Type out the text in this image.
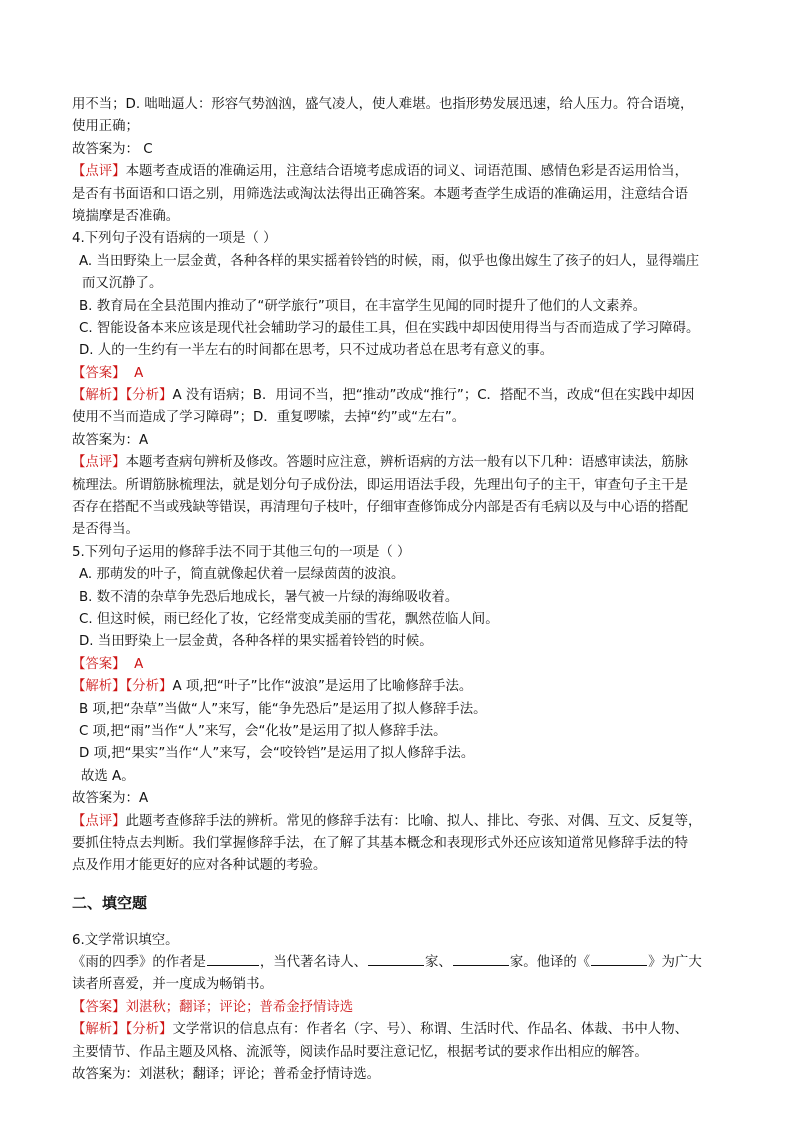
用不当；D. 咄咄逼人：形容气势汹汹，盛气凌人，使人难堪。也指形势发展迅速，给人压力。符合语境，

使用正确；

故答案为： C

【点评】本题考查成语的准确运用，注意结合语境考虑成语的词义、词语范围、感情色彩是否运用恰当，

是否有书面语和口语之别，用筛选法或淘汰法得出正确答案。本题考查学生成语的准确运用，注意结合语

境揣摩是否准确。

4.下列句子没有语病的一项是（ ）

A. 当田野染上一层金黄，各种各样的果实摇着铃铛的时候，雨，似乎也像出嫁生了孩子的妇人，显得端庄

而又沉静了。

B. 教育局在全县范围内推动了“研学旅行”项目，在丰富学生见闻的同时提升了他们的人文素养。

C. 智能设备本来应该是现代社会辅助学习的最佳工具，但在实践中却因使用得当与否而造成了学习障碍。

D. 人的一生约有一半左右的时间都在思考，只不过成功者总在思考有意义的事。

【答案】 A

【解析】【分析】A 没有语病；B．用词不当，把“推动”改成“推行”；C．搭配不当，改成“但在实践中却因

使用不当而造成了学习障碍”；D．重复啰嗦，去掉“约”或“左右”。

故答案为：A

【点评】本题考查病句辨析及修改。答题时应注意，辨析语病的方法一般有以下几种：语感审读法，筋脉

梳理法。所谓筋脉梳理法，就是划分句子成份法，即运用语法手段，先理出句子的主干，审查句子主干是

否存在搭配不当或残缺等错误，再清理句子枝叶，仔细审查修饰成分内部是否有毛病以及与中心语的搭配

是否得当。

5.下列句子运用的修辞手法不同于其他三句的一项是（ ）

A. 那萌发的叶子，简直就像起伏着一层绿茵茵的波浪。

B. 数不清的杂草争先恐后地成长，暑气被一片绿的海绵吸收着。

C. 但这时候，雨已经化了妆，它经常变成美丽的雪花，飘然莅临人间。

D. 当田野染上一层金黄，各种各样的果实摇着铃铛的时候。

【答案】 A

【解析】【分析】A 项,把“叶子”比作“波浪”是运用了比喻修辞手法。

B 项,把“杂草”当做“人”来写，能“争先恐后”是运用了拟人修辞手法。

C 项,把“雨”当作“人”来写，会“化妆”是运用了拟人修辞手法。

D 项,把“果实”当作“人”来写，会“咬铃铛”是运用了拟人修辞手法。

故选 A。

故答案为：A

【点评】此题考查修辞手法的辨析。常见的修辞手法有：比喻、拟人、排比、夸张、对偶、互文、反复等，

要抓住特点去判断。我们掌握修辞手法，在了解了其基本概念和表现形式外还应该知道常见修辞手法的特

点及作用才能更好的应对各种试题的考验。

二、填空题

6.文学常识填空。

《雨的四季》的作者是	，当代著名诗人、	家、	家。他译的《	》为广大

读者所喜爱，并一度成为畅销书。

【答案】刘湛秋；翻译；评论；普希金抒情诗选

【解析】【分析】文学常识的信息点有：作者名（字、号）、称谓、生活时代、作品名、体裁、书中人物、

主要情节、作品主题及风格、流派等，阅读作品时要注意记忆，根据考试的要求作出相应的解答。

故答案为：刘湛秋；翻译；评论；普希金抒情诗选。
